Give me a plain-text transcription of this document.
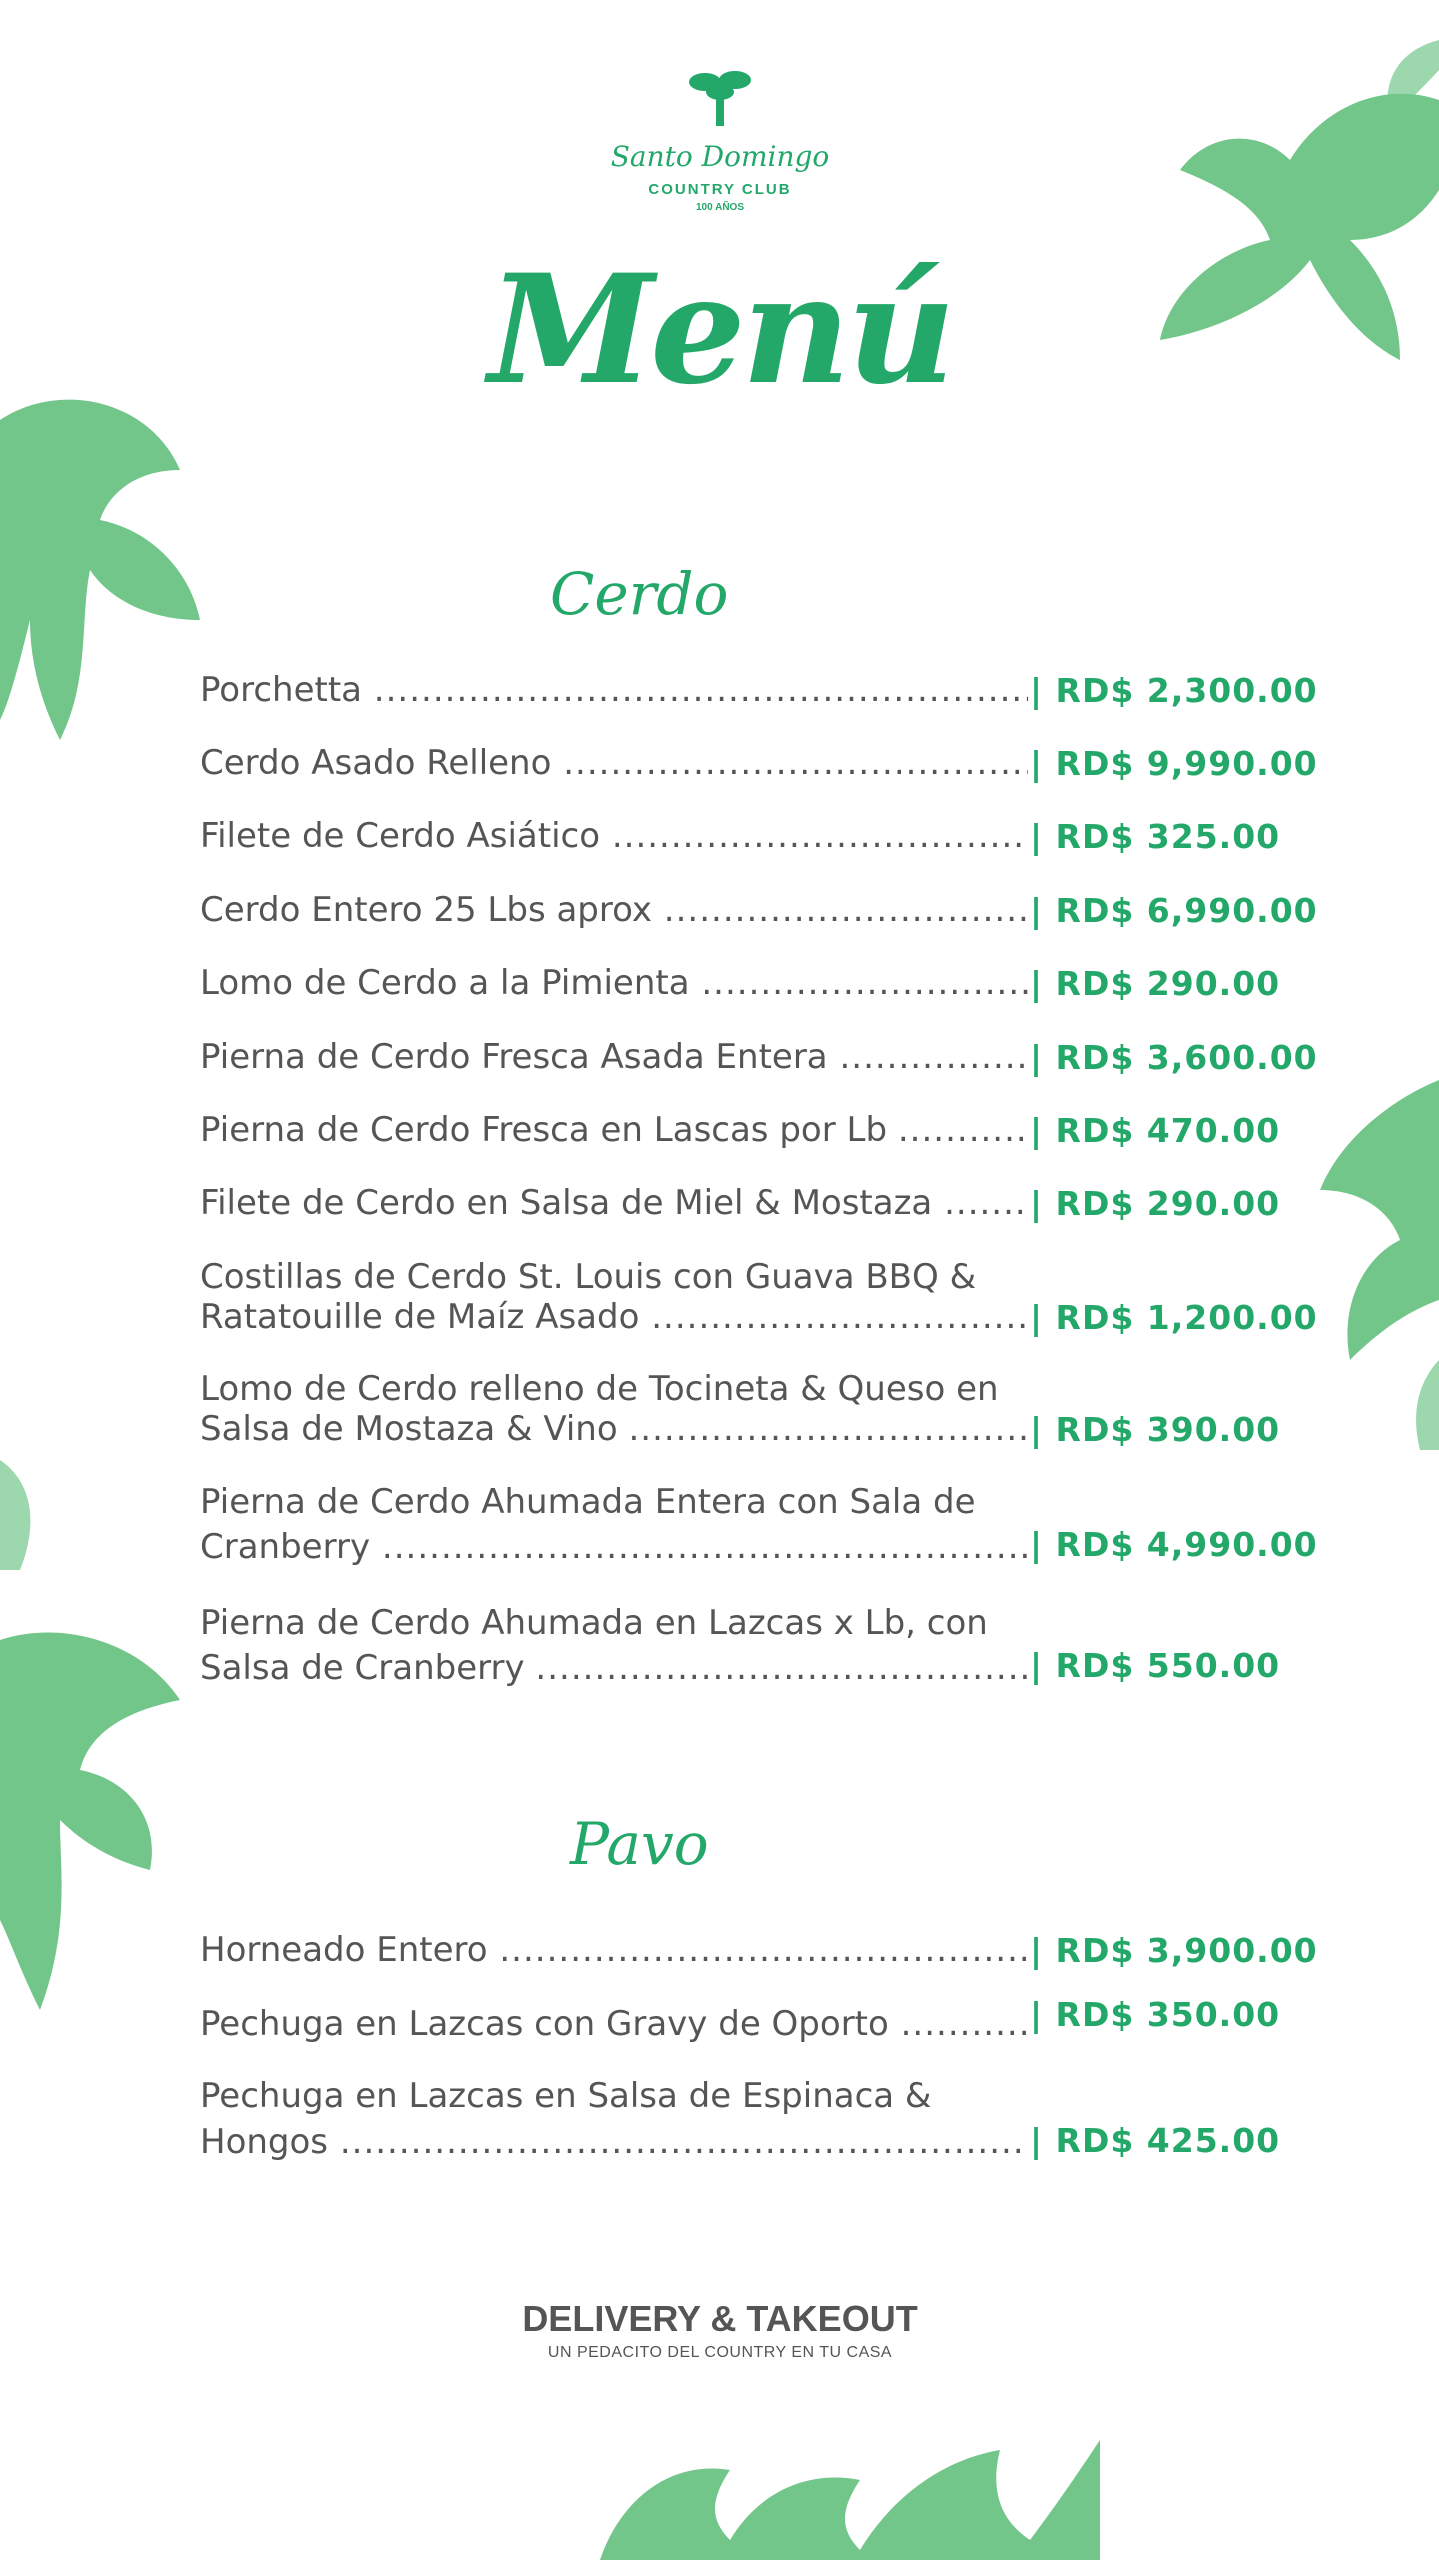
Santo Domingo
COUNTRY CLUB
100 AÑOS
Menú
Cerdo
Pavo
Porchetta .....	| RD$ 2,300.00
Cerdo Asado Relleno .....	| RD$ 9,990.00
Filete de Cerdo Asiático .....	| RD$ 325.00
Cerdo Entero 25 Lbs aprox .....	| RD$ 6,990.00
Lomo de Cerdo a la Pimienta .....	| RD$ 290.00
Pierna de Cerdo Fresca Asada Entera .....	| RD$ 3,600.00
Pierna de Cerdo Fresca en Lascas por Lb .....	| RD$ 470.00
Filete de Cerdo en Salsa de Miel & Mostaza .....	| RD$ 290.00
Costillas de Cerdo St. Louis con Guava BBQ &
Ratatouille de Maíz Asado .....	| RD$ 1,200.00
Lomo de Cerdo relleno de Tocineta & Queso en
Salsa de Mostaza & Vino .....	| RD$ 390.00
Pierna de Cerdo Ahumada Entera con Sala de
Cranberry .....	| RD$ 4,990.00
Pierna de Cerdo Ahumada en Lazcas x Lb, con
Salsa de Cranberry .....	| RD$ 550.00
Horneado Entero .....	| RD$ 3,900.00
Pechuga en Lazcas con Gravy de Oporto .....	| RD$ 350.00
Pechuga en Lazcas en Salsa de Espinaca &
Hongos .....	| RD$ 425.00
DELIVERY & TAKEOUT
UN PEDACITO DEL COUNTRY EN TU CASA
